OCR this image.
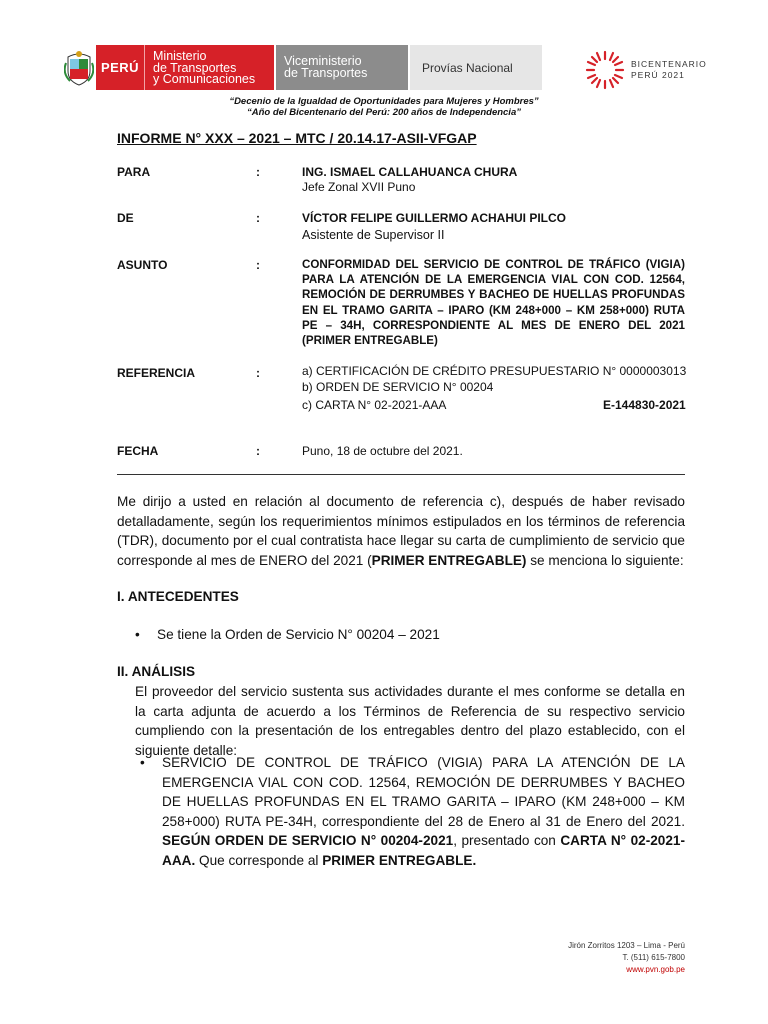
PERÚ
Ministerio
de Transportes
y Comunicaciones
Viceministerio
de Transportes	Provías Nacional	BICENTENARIO
PERÚ 2021
“Decenio de la Igualdad de Oportunidades para Mujeres y Hombres”
“Año del Bicentenario del Perú: 200 años de Independencia”
INFORME N° XXX – 2021 – MTC / 20.14.17-ASII-VFGAP
PARA	:	ING. ISMAEL CALLAHUANCA CHURA
Jefe Zonal XVII Puno
DE	:	VÍCTOR FELIPE GUILLERMO ACHAHUI PILCO
Asistente de Supervisor II
ASUNTO	:	CONFORMIDAD DEL SERVICIO DE CONTROL DE TRÁFICO (VIGIA) PARA LA ATENCIÓN DE LA EMERGENCIA VIAL CON COD. 12564, REMOCIÓN DE DERRUMBES Y BACHEO DE HUELLAS PROFUNDAS EN EL TRAMO GARITA – IPARO (KM 248+000 – KM 258+000) RUTA PE – 34H, CORRESPONDIENTE AL MES DE ENERO DEL 2021 (PRIMER ENTREGABLE)
REFERENCIA	:	a) CERTIFICACIÓN DE CRÉDITO PRESUPUESTARIO N° 0000003013
b) ORDEN DE SERVICIO N° 00204
c) CARTA N° 02-2021-AAA	E-144830-2021
FECHA	:	Puno, 18 de octubre del 2021.
Me dirijo a usted en relación al documento de referencia c), después de haber revisado detalladamente, según los requerimientos mínimos estipulados en los términos de referencia (TDR), documento por el cual contratista hace llegar su carta de cumplimiento de servicio que corresponde al mes de ENERO del 2021 (PRIMER ENTREGABLE) se menciona lo siguiente:
I. ANTECEDENTES
•	Se tiene la Orden de Servicio N° 00204 – 2021
II. ANÁLISIS
El proveedor del servicio sustenta sus actividades durante el mes conforme se detalla en la carta adjunta de acuerdo a los Términos de Referencia de su respectivo servicio cumpliendo con la presentación de los entregables dentro del plazo establecido, con el siguiente detalle:
•	SERVICIO DE CONTROL DE TRÁFICO (VIGIA) PARA LA ATENCIÓN DE LA EMERGENCIA VIAL CON COD. 12564, REMOCIÓN DE DERRUMBES Y BACHEO DE HUELLAS PROFUNDAS EN EL TRAMO GARITA – IPARO (KM 248+000 – KM 258+000) RUTA PE-34H, correspondiente del 28 de Enero al 31 de Enero del 2021. SEGÚN ORDEN DE SERVICIO N° 00204-2021, presentado con CARTA N° 02-2021-AAA. Que corresponde al PRIMER ENTREGABLE.
Jirón Zorritos 1203 – Lima - Perú
T. (511) 615-7800
www.pvn.gob.pe
